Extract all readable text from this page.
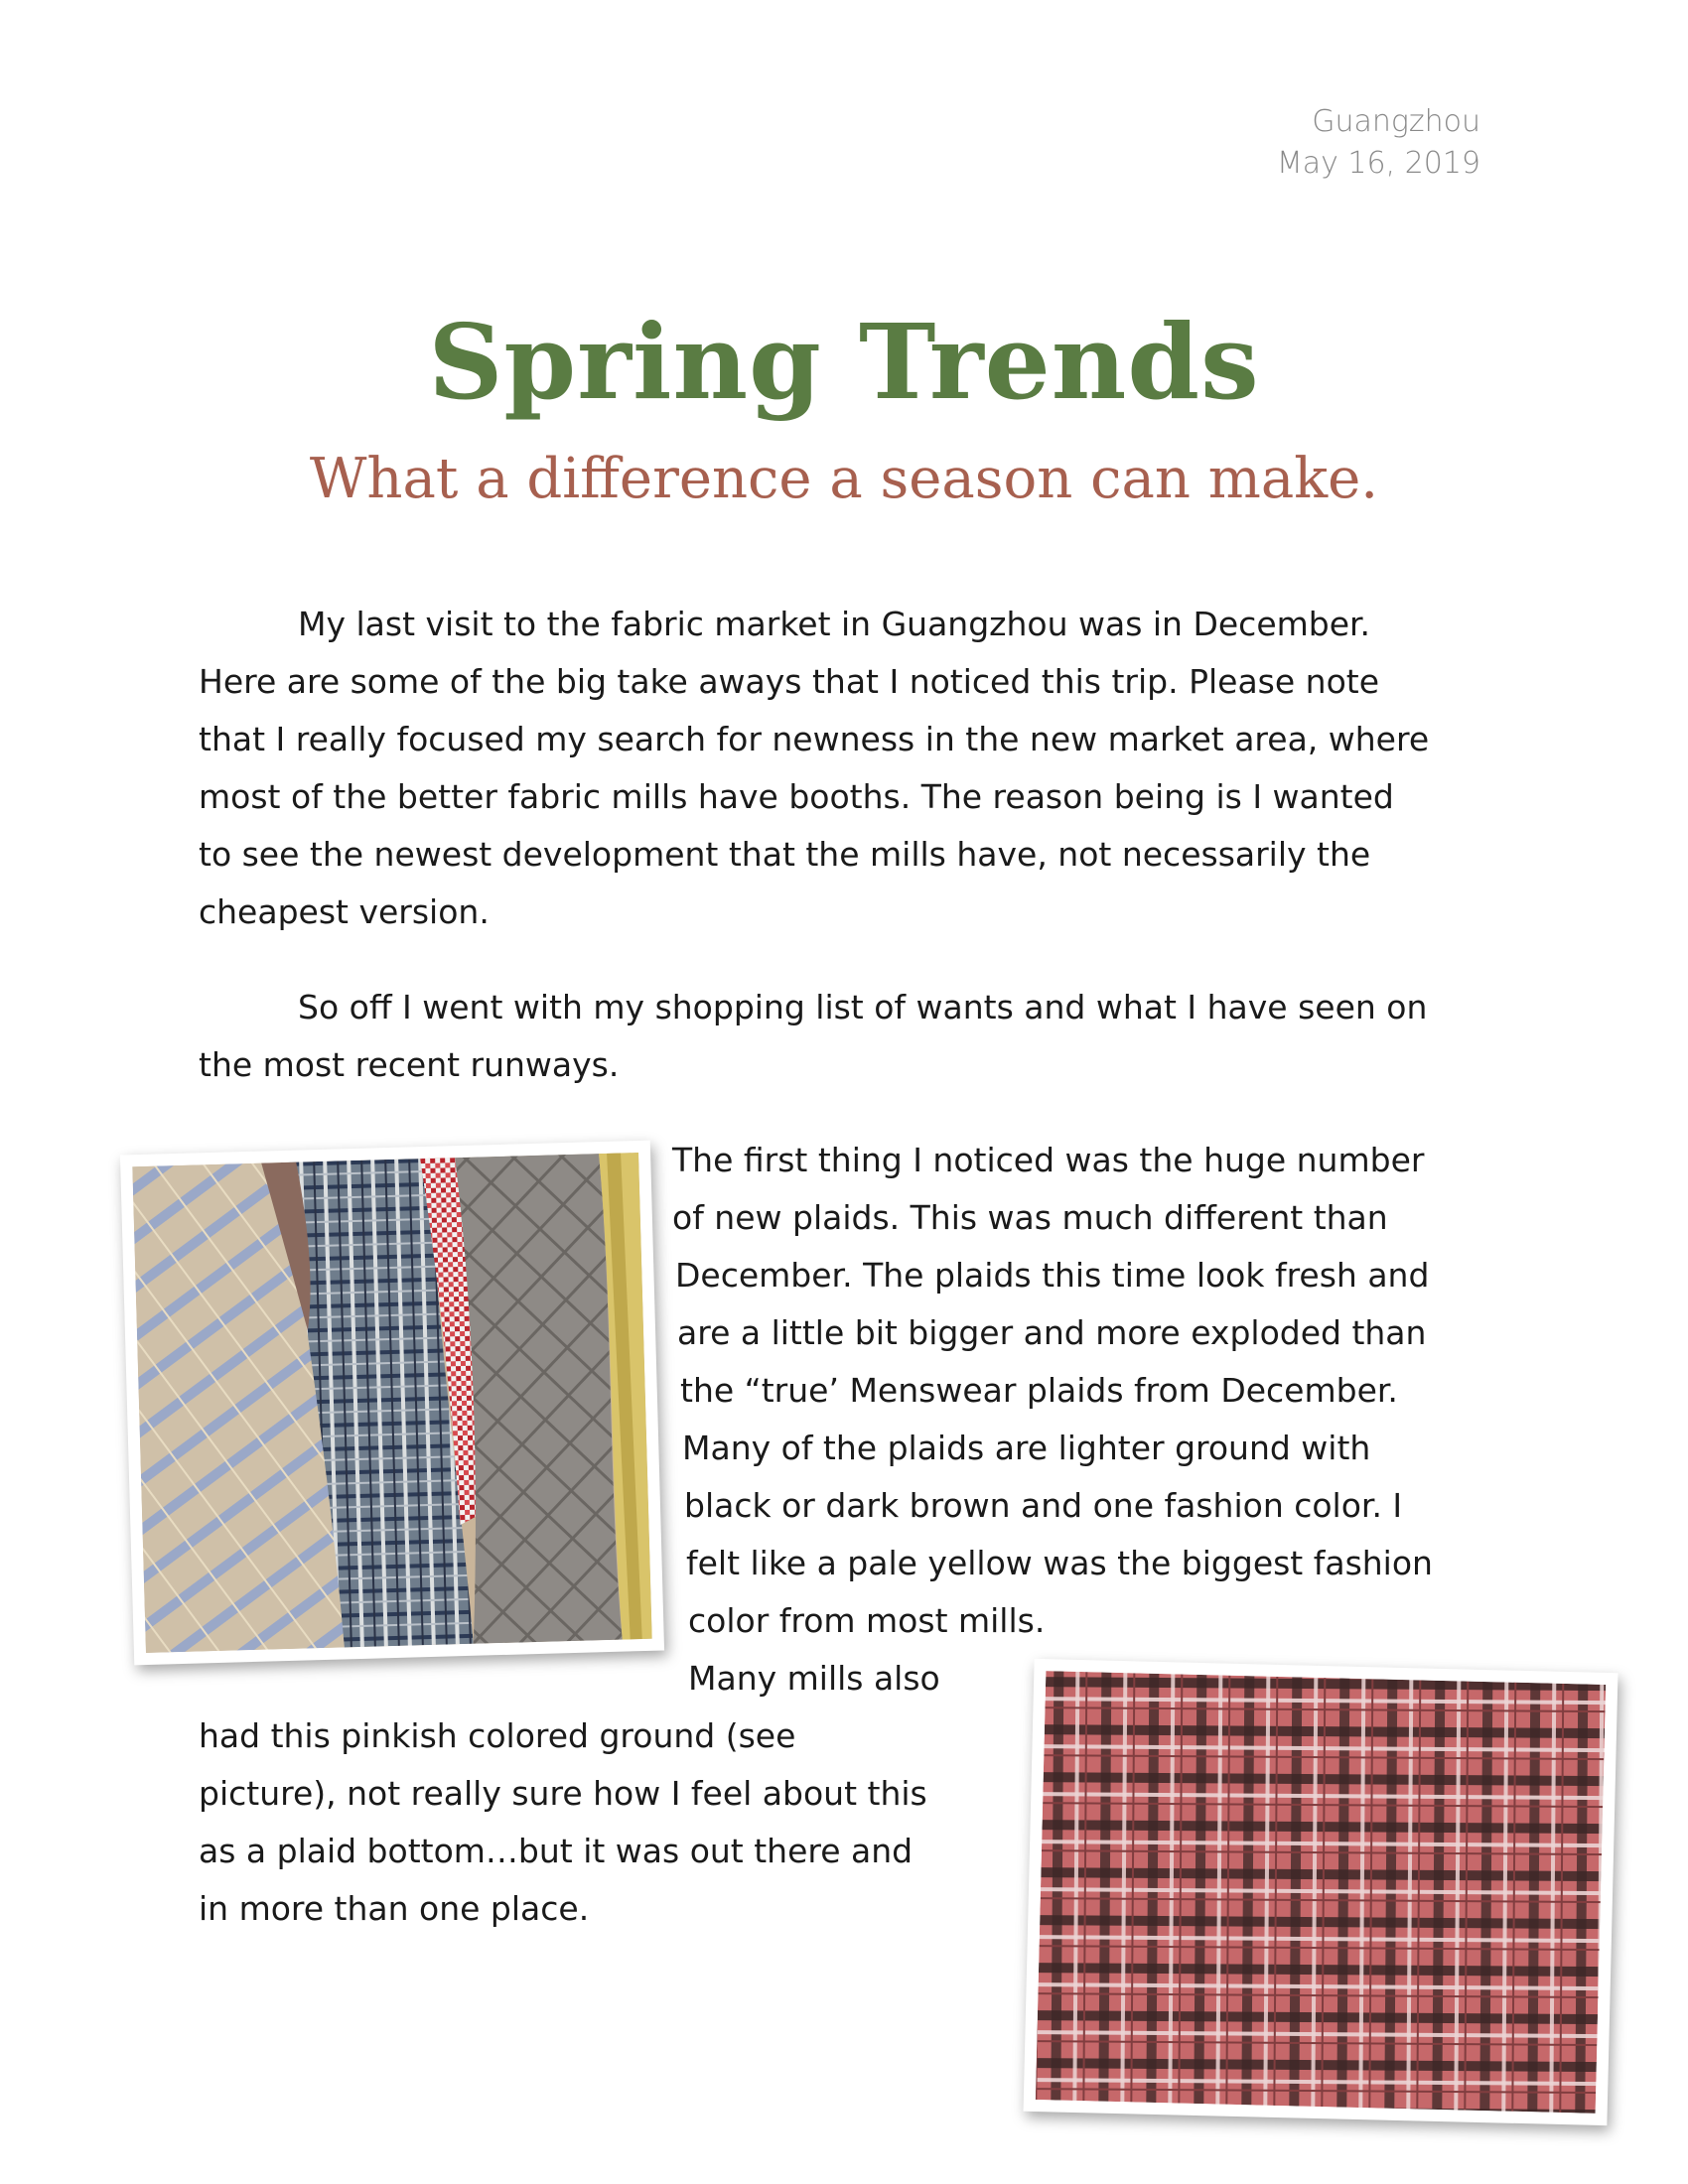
Guangzhou
May 16, 2019
Spring Trends
What a difference a season can make.
My last visit to the fabric market in Guangzhou was in December.
Here are some of the big take aways that I noticed this trip. Please note
that I really focused my search for newness in the new market area, where
most of the better fabric mills have booths. The reason being is I wanted
to see the newest development that the mills have, not necessarily the
cheapest version.
So off I went with my shopping list of wants and what I have seen on
the most recent runways.
The first thing I noticed was the huge number
of new plaids. This was much different than
December. The plaids this time look fresh and
are a little bit bigger and more exploded than
the “true’ Menswear plaids from December.
Many of the plaids are lighter ground with
black or dark brown and one fashion color. I
felt like a pale yellow was the biggest fashion
color from most mills.
Many mills also
had this pinkish colored ground (see
picture), not really sure how I feel about this
as a plaid bottom…but it was out there and
in more than one place.
